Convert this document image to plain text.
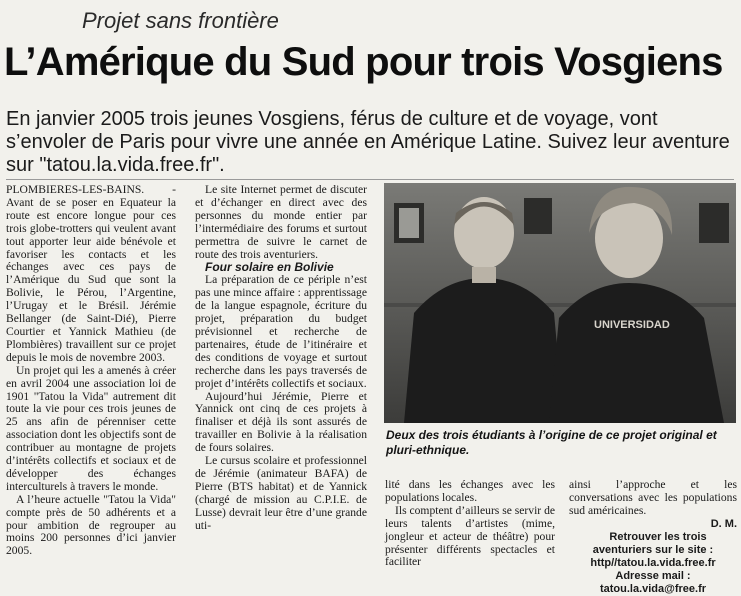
Projet sans frontière
L’Amérique du Sud pour trois Vosgiens
En janvier 2005 trois jeunes Vosgiens, férus de culture et de voyage, vont s’envoler de Paris pour vivre une année en Amérique Latine. Suivez leur aventure sur "tatou.la.vida.free.fr".

PLOMBIERES-LES-BAINS. - Avant de se poser en Equateur la route est encore longue pour ces trois globe-trotters qui veulent avant tout apporter leur aide bénévole et favoriser les contacts et les échanges avec ces pays de l’Amérique du Sud que sont la Bolivie, le Pérou, l’Argentine, l’Urugay et le Brésil. Jérémie Bellanger (de Saint-Dié), Pierre Courtier et Yannick Mathieu (de Plombières) travaillent sur ce projet depuis le mois de novembre 2003.

Un projet qui les a amenés à créer en avril 2004 une association loi de 1901 "Tatou la Vida" autrement dit toute la vie pour ces trois jeunes de 25 ans afin de pérenniser cette association dont les objectifs sont de contribuer au montagne de projets d’intérêts collectifs et sociaux et de développer des échanges interculturels à travers le monde.

A l’heure actuelle "Tatou la Vida" compte près de 50 adhérents et a pour ambition de regrouper au moins 200 personnes d’ici janvier 2005.

Le site Internet permet de discuter et d’échanger en direct avec des personnes du monde entier par l’intermédiaire des forums et surtout permettra de suivre le carnet de route des trois aventuriers.

Four solaire en Bolivie

La préparation de ce périple n’est pas une mince affaire : apprentissage de la langue espagnole, écriture du projet, préparation du budget prévisionnel et recherche de partenaires, étude de l’itinéraire et des conditions de voyage et surtout recherche dans les pays traversés de projet d’intérêts collectifs et sociaux.

Aujourd’hui Jérémie, Pierre et Yannick ont cinq de ces projets à finaliser et déjà ils sont assurés de travailler en Bolivie à la réalisation de fours solaires.

Le cursus scolaire et professionnel de Jérémie (animateur BAFA) de Pierre (BTS habitat) et de Yannick (chargé de mission au C.P.I.E. de Lusse) devrait leur être d’une grande uti-

UNIVERSIDAD
Deux des trois étudiants à l’origine de ce projet original et pluri-ethnique.

lité dans les échanges avec les populations locales.

Ils comptent d’ailleurs se servir de leurs talents d’artistes (mime, jongleur et acteur de théâtre) pour présenter différents spectacles et faciliter

ainsi l’approche et les conversations avec les populations sud américaines.

D. M.

Retrouver les trois aventuriers sur le site : http//tatou.la.vida.free.fr Adresse mail : tatou.la.vida@free.fr
